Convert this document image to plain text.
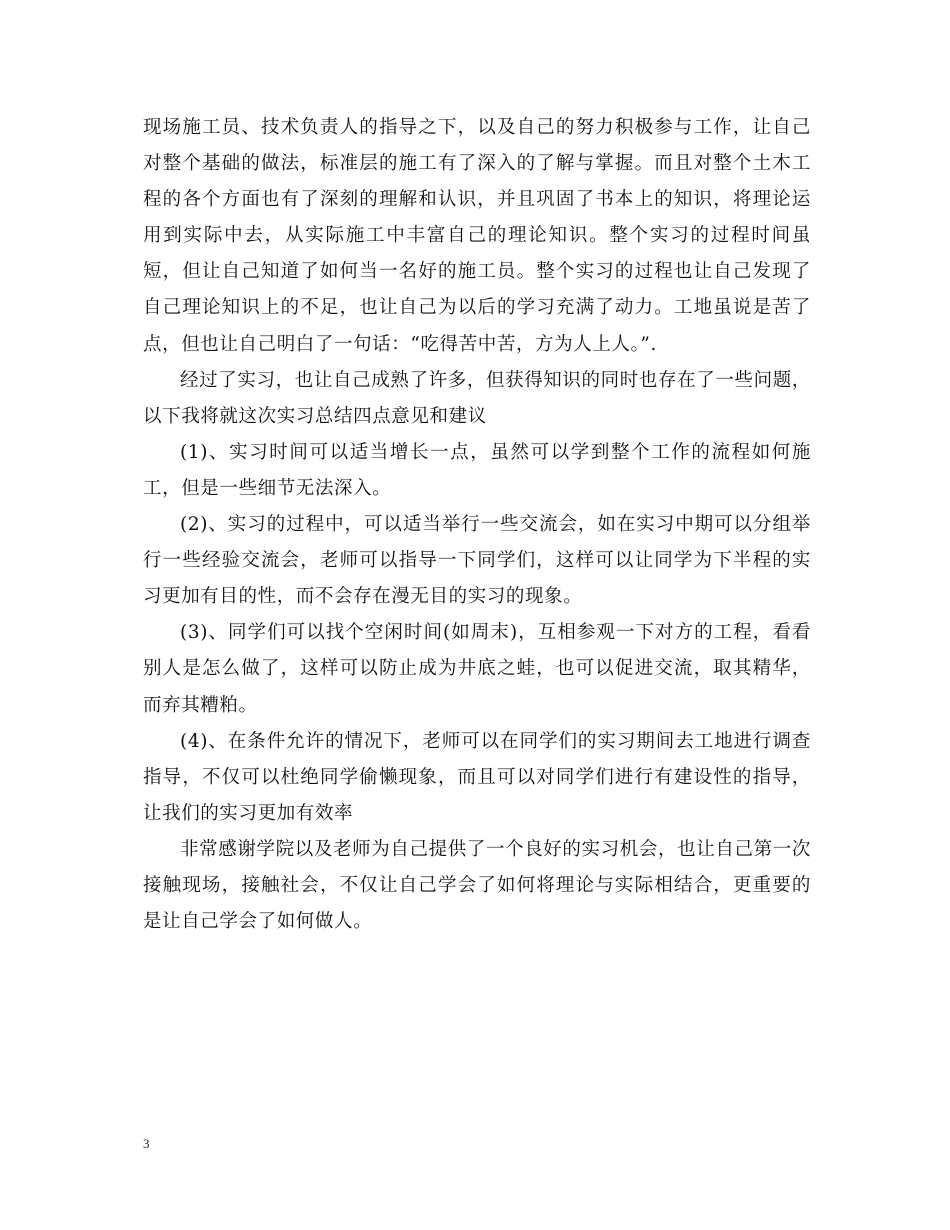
现场施工员、技术负责人的指导之下，以及自己的努力积极参与工作，让自己对整个基础的做法，标准层的施工有了深入的了解与掌握。而且对整个土木工程的各个方面也有了深刻的理解和认识，并且巩固了书本上的知识，将理论运用到实际中去，从实际施工中丰富自己的理论知识。整个实习的过程时间虽短，但让自己知道了如何当一名好的施工员。整个实习的过程也让自己发现了自己理论知识上的不足，也让自己为以后的学习充满了动力。工地虽说是苦了点，但也让自己明白了一句话：“吃得苦中苦，方为人上人。”.

经过了实习，也让自己成熟了许多，但获得知识的同时也存在了一些问题，以下我将就这次实习总结四点意见和建议

(1)、实习时间可以适当增长一点，虽然可以学到整个工作的流程如何施工，但是一些细节无法深入。

(2)、实习的过程中，可以适当举行一些交流会，如在实习中期可以分组举行一些经验交流会，老师可以指导一下同学们，这样可以让同学为下半程的实习更加有目的性，而不会存在漫无目的实习的现象。

(3)、同学们可以找个空闲时间(如周末)，互相参观一下对方的工程，看看别人是怎么做了，这样可以防止成为井底之蛙，也可以促进交流，取其精华，而弃其糟粕。

(4)、在条件允许的情况下，老师可以在同学们的实习期间去工地进行调查指导，不仅可以杜绝同学偷懒现象，而且可以对同学们进行有建设性的指导，让我们的实习更加有效率

非常感谢学院以及老师为自己提供了一个良好的实习机会，也让自己第一次接触现场，接触社会，不仅让自己学会了如何将理论与实际相结合，更重要的是让自己学会了如何做人。

3
